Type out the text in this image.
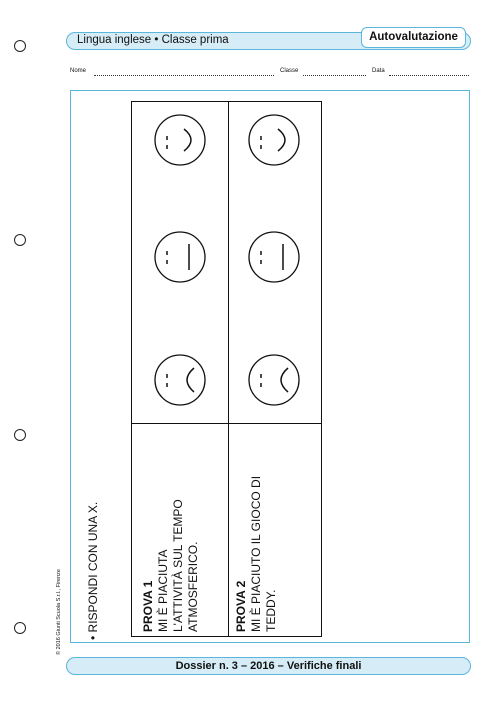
Lingua inglese • Classe prima	Autovalutazione
Nome	Classe	Data
© 2016 Giunti Scuola S.r.l., Firenze • RISPONDI CON UNA X.	PROVA 1 MI È PIACIUTA L'ATTIVITÀ SUL TEMPO ATMOSFERICO.	PROVA 2 MI È PIACIUTO IL GIOCO DI TEDDY.
Dossier n. 3 – 2016 – Verifiche finali
